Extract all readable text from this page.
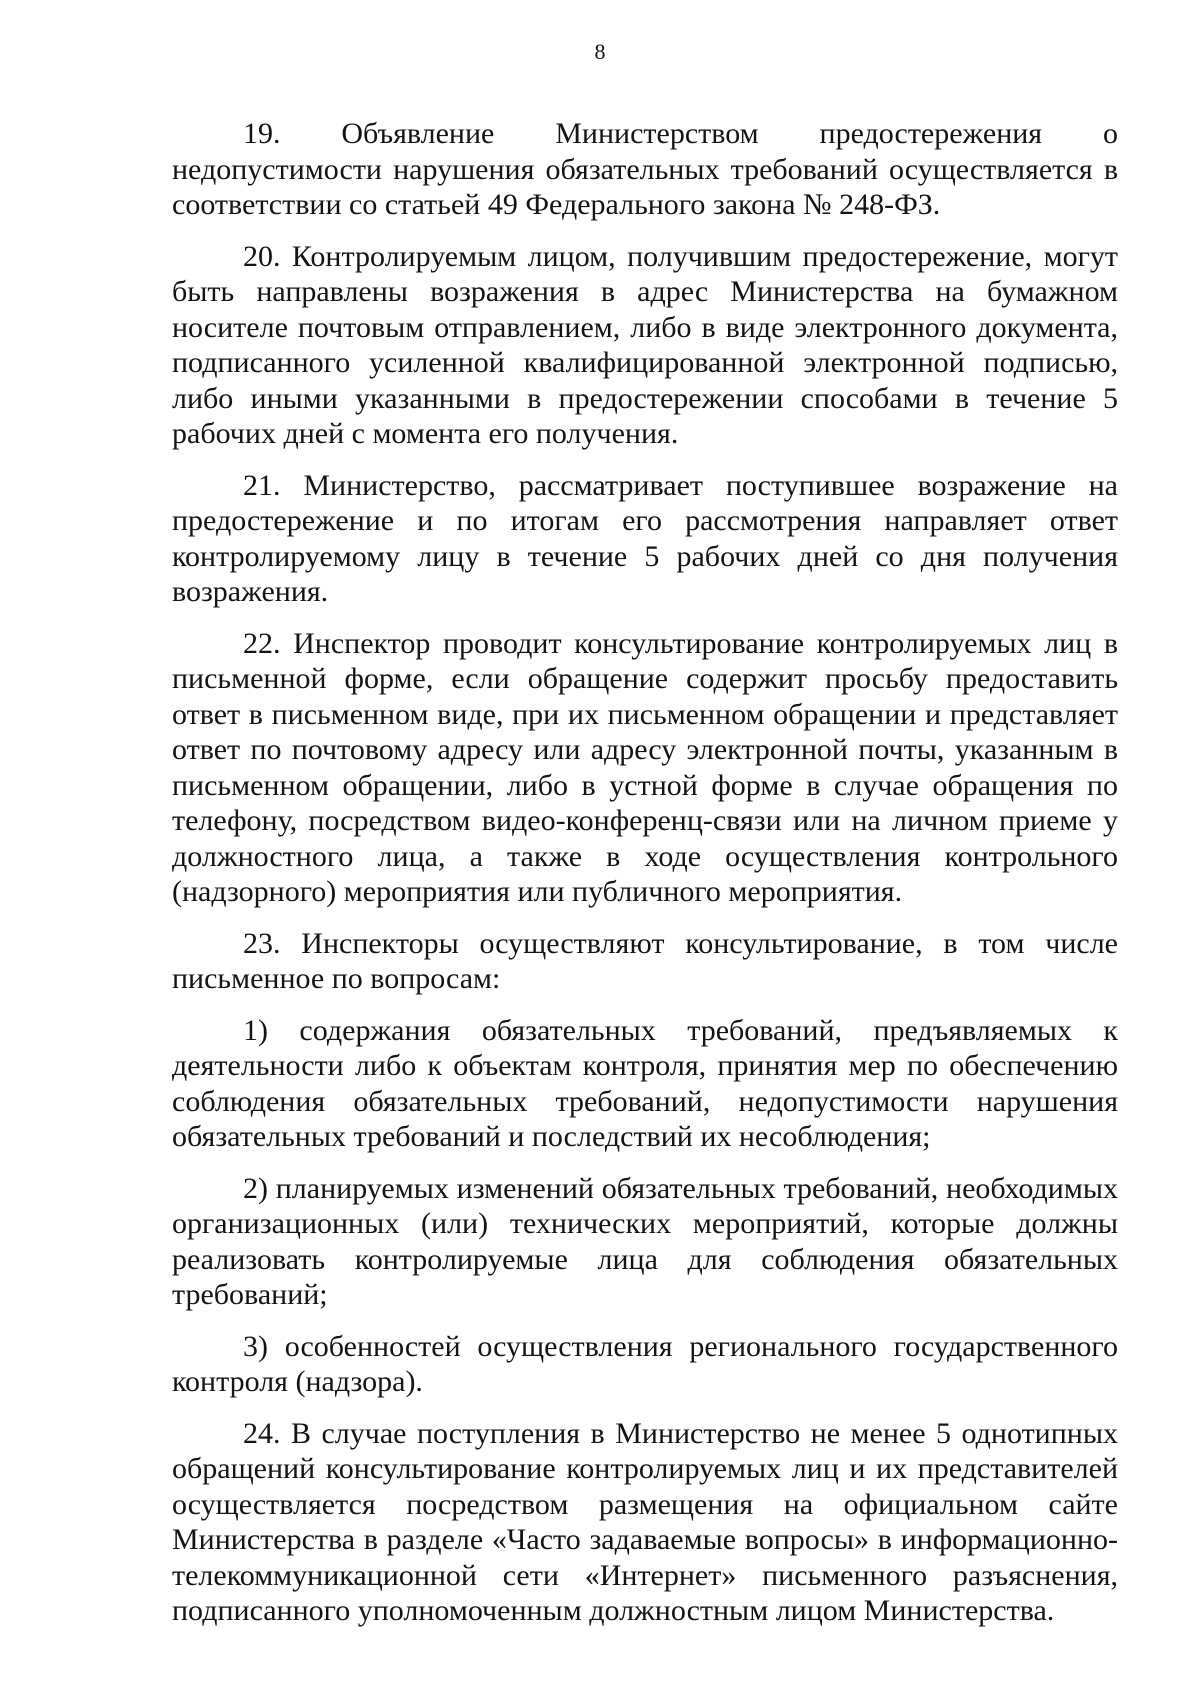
8

19. Объявление Министерством предостережения о недопустимости нарушения обязательных требований осуществляется в соответствии со статьей 49 Федерального закона № 248-ФЗ.

20. Контролируемым лицом, получившим предостережение, могут быть направлены возражения в адрес Министерства на бумажном носителе почтовым отправлением, либо в виде электронного документа, подписанного усиленной квалифицированной электронной подписью, либо иными указанными в предостережении способами в течение 5 рабочих дней с момента его получения.

21. Министерство, рассматривает поступившее возражение на предостережение и по итогам его рассмотрения направляет ответ контролируемому лицу в течение 5 рабочих дней со дня получения возражения.

22. Инспектор проводит консультирование контролируемых лиц в письменной форме, если обращение содержит просьбу предоставить ответ в письменном виде, при их письменном обращении и представляет ответ по почтовому адресу или адресу электронной почты, указанным в письменном обращении, либо в устной форме в случае обращения по телефону, посредством видео-конференц-связи или на личном приеме у должностного лица, а также в ходе осуществления контрольного (надзорного) мероприятия или публичного мероприятия.

23. Инспекторы осуществляют консультирование, в том числе письменное по вопросам:

1) содержания обязательных требований, предъявляемых к деятельности либо к объектам контроля, принятия мер по обеспечению соблюдения обязательных требований, недопустимости нарушения обязательных требований и последствий их несоблюдения;

2) планируемых изменений обязательных требований, необходимых организационных (или) технических мероприятий, которые должны реализовать контролируемые лица для соблюдения обязательных требований;

3) особенностей осуществления регионального государственного контроля (надзора).

24. В случае поступления в Министерство не менее 5 однотипных обращений консультирование контролируемых лиц и их представителей осуществляется посредством размещения на официальном сайте Министерства в разделе «Часто задаваемые вопросы» в информационно-телекоммуникационной сети «Интернет» письменного разъяснения, подписанного уполномоченным должностным лицом Министерства.
